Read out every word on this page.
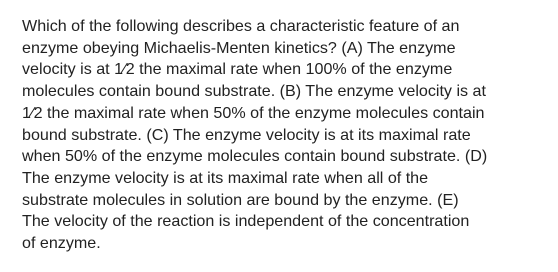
Which of the following describes a characteristic feature of an
enzyme obeying Michaelis-Menten kinetics? (A) The enzyme
velocity is at 1⁄2 the maximal rate when 100% of the enzyme
molecules contain bound substrate. (B) The enzyme velocity is at
1⁄2 the maximal rate when 50% of the enzyme molecules contain
bound substrate. (C) The enzyme velocity is at its maximal rate
when 50% of the enzyme molecules contain bound substrate. (D)
The enzyme velocity is at its maximal rate when all of the
substrate molecules in solution are bound by the enzyme. (E)
The velocity of the reaction is independent of the concentration
of enzyme.
